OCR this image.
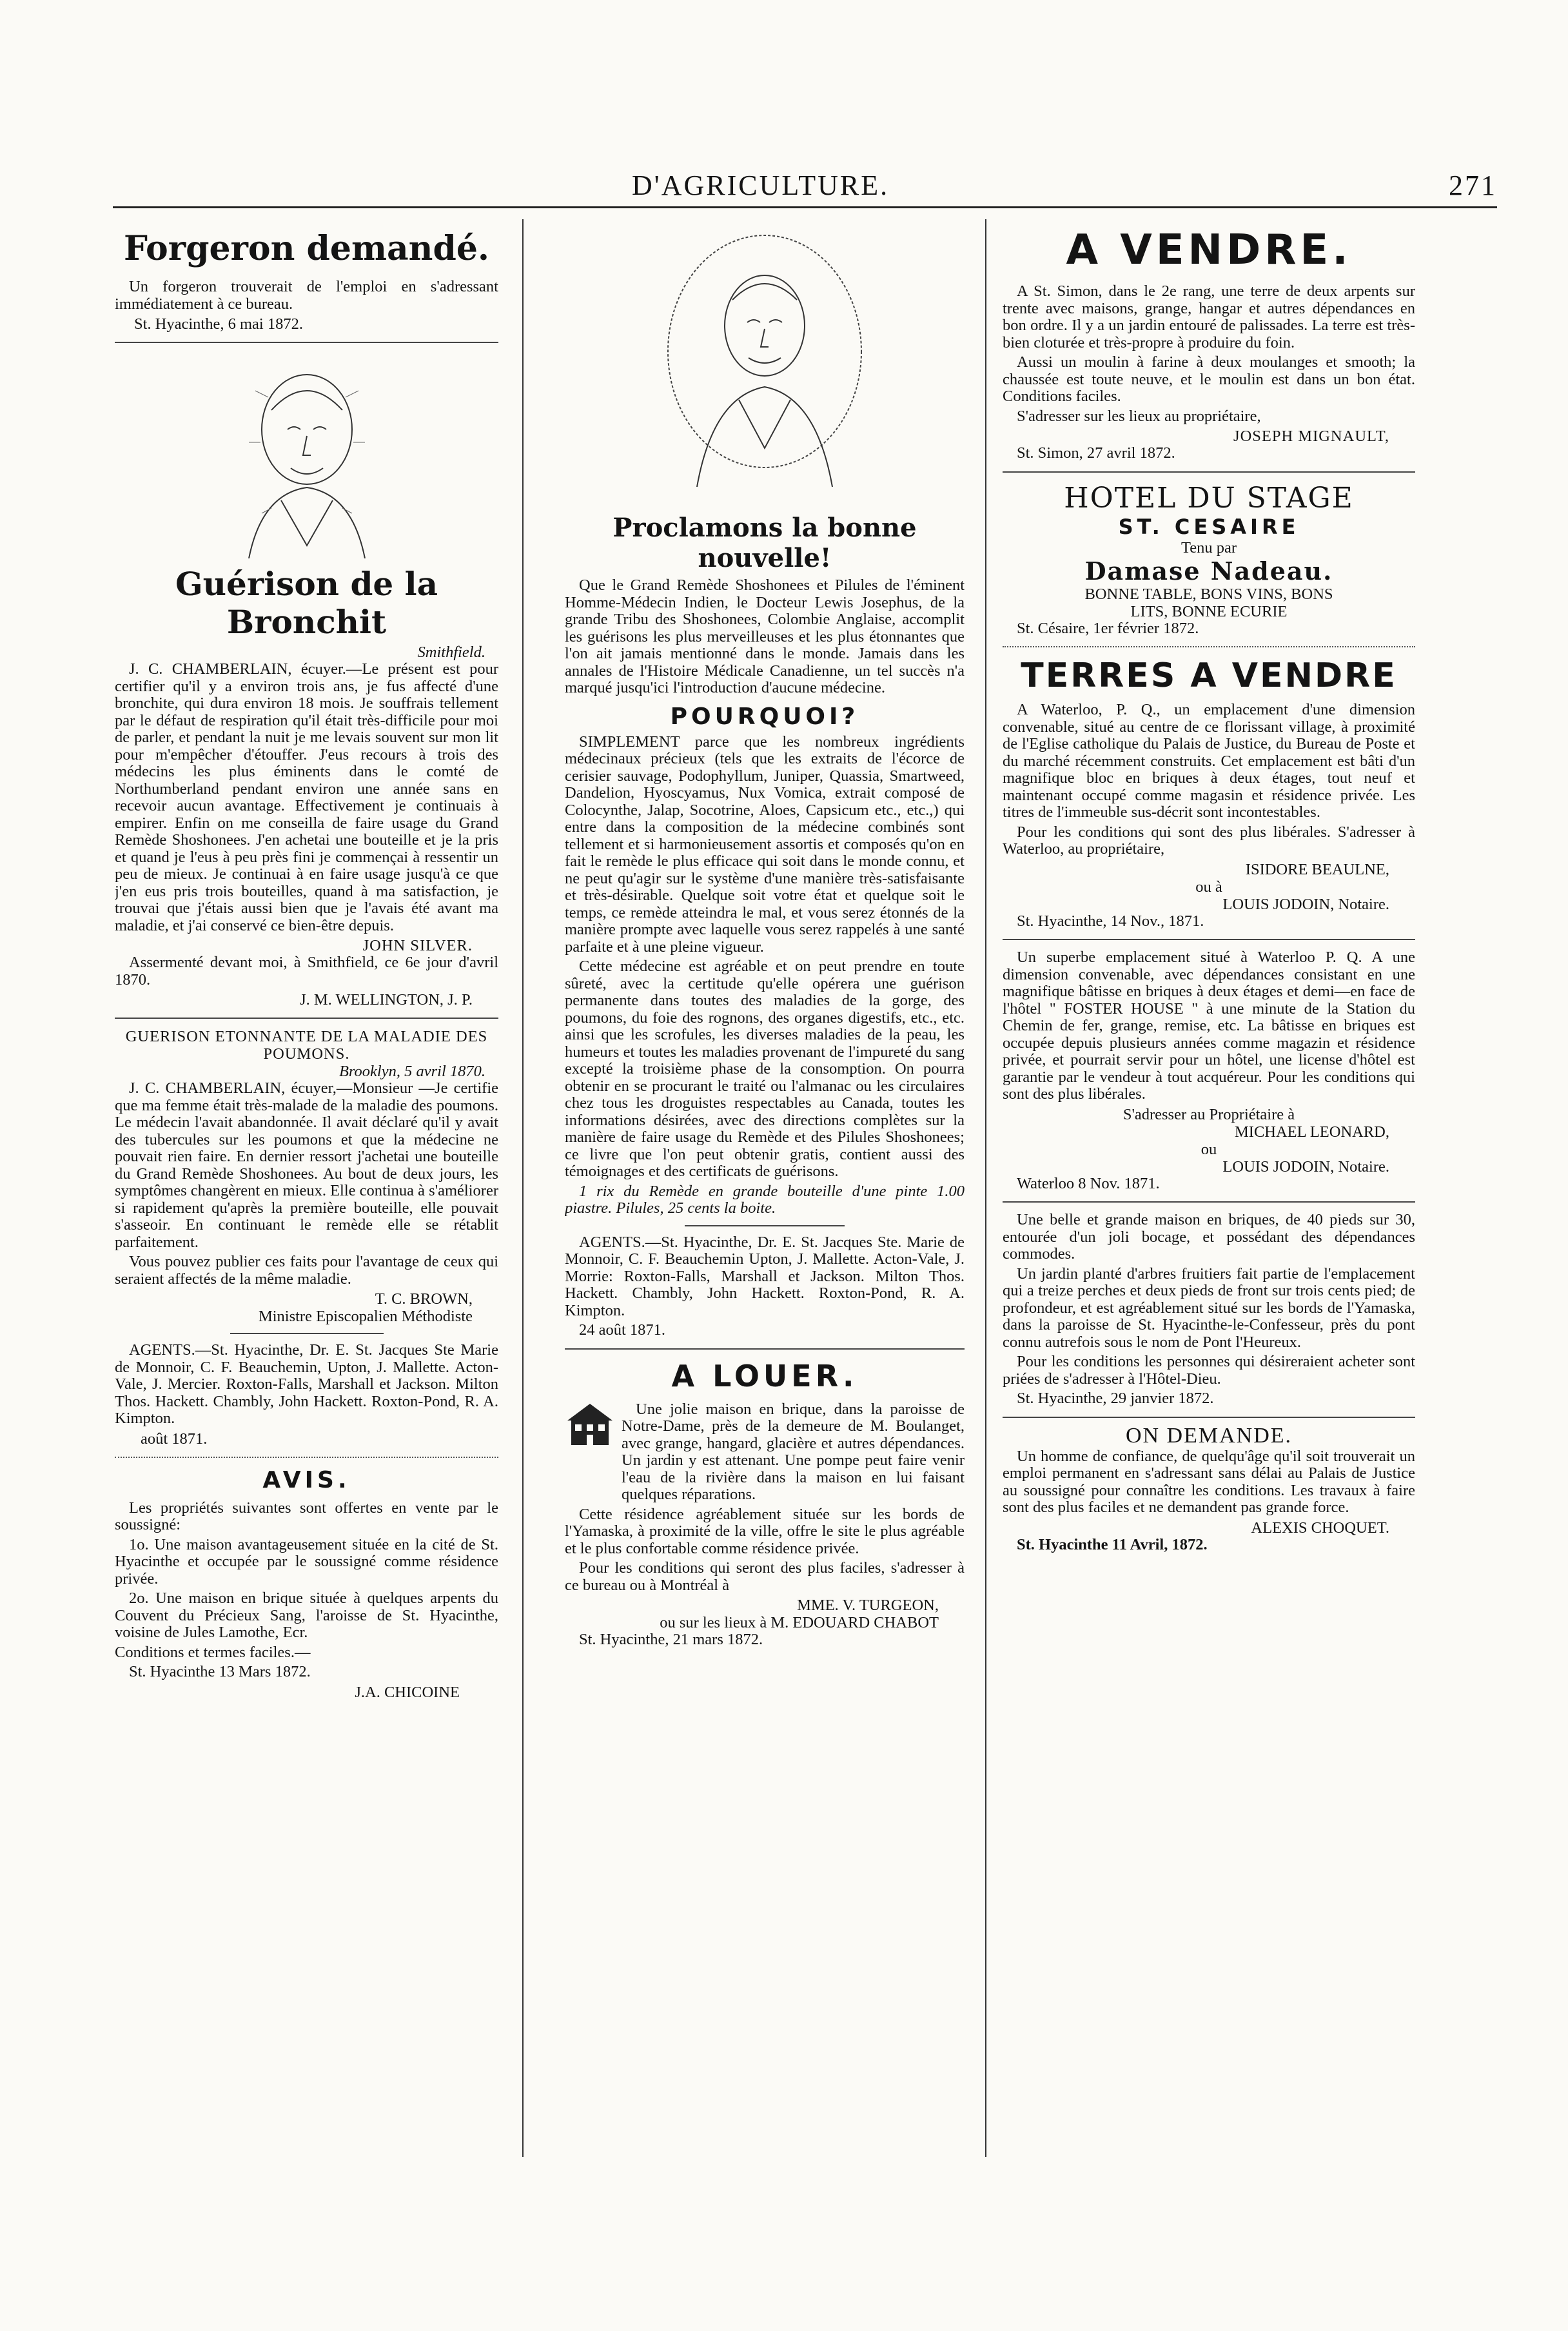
D'AGRICULTURE.	271
Forgeron demandé.

Un forgeron trouverait de l'emploi en s'adressant immédiatement à ce bureau.

St. Hyacinthe, 6 mai 1872.
Guérison de la Bronchit
Smithfield.

J. C. CHAMBERLAIN, écuyer.—Le présent est pour certifier qu'il y a environ trois ans, je fus affecté d'une bronchite, qui dura environ 18 mois. Je souffrais tellement par le défaut de respiration qu'il était très-difficile pour moi de parler, et pendant la nuit je me levais souvent sur mon lit pour m'empêcher d'étouffer. J'eus recours à trois des médecins les plus éminents dans le comté de Northumberland pendant environ une année sans en recevoir aucun avantage. Effectivement je continuais à empirer. Enfin on me conseilla de faire usage du Grand Remède Shoshonees. J'en achetai une bouteille et je la pris et quand je l'eus à peu près fini je commençai à ressentir un peu de mieux. Je continuai à en faire usage jusqu'à ce que j'en eus pris trois bouteilles, quand à ma satisfaction, je trouvai que j'étais aussi bien que je l'avais été avant ma maladie, et j'ai conservé ce bien-être depuis.

JOHN SILVER.

Assermenté devant moi, à Smithfield, ce 6e jour d'avril 1870.

J. M. WELLINGTON, J. P.
GUERISON ETONNANTE DE LA MALADIE DES POUMONS.
Brooklyn, 5 avril 1870.

J. C. CHAMBERLAIN, écuyer,—Monsieur —Je certifie que ma femme était très-malade de la maladie des poumons. Le médecin l'avait abandonnée. Il avait déclaré qu'il y avait des tubercules sur les poumons et que la médecine ne pouvait rien faire. En dernier ressort j'achetai une bouteille du Grand Remède Shoshonees. Au bout de deux jours, les symptômes changèrent en mieux. Elle continua à s'améliorer si rapidement qu'après la première bouteille, elle pouvait s'asseoir. En continuant le remède elle se rétablit parfaitement.

Vous pouvez publier ces faits pour l'avantage de ceux qui seraient affectés de la même maladie.

T. C. BROWN,
Ministre Episcopalien Méthodiste

AGENTS.—St. Hyacinthe, Dr. E. St. Jacques Ste Marie de Monnoir, C. F. Beauchemin, Upton, J. Mallette. Acton-Vale, J. Mercier. Roxton-Falls, Marshall et Jackson. Milton Thos. Hackett. Chambly, John Hackett. Roxton-Pond, R. A. Kimpton.

août 1871.
AVIS.

Les propriétés suivantes sont offertes en vente par le soussigné:

1o. Une maison avantageusement située en la cité de St. Hyacinthe et occupée par le soussigné comme résidence privée.

2o. Une maison en brique située à quelques arpents du Couvent du Précieux Sang, l'aroisse de St. Hyacinthe, voisine de Jules Lamothe, Ecr.

Conditions et termes faciles.—

St. Hyacinthe 13 Mars 1872.

J.A. CHICOINE
Proclamons la bonne nouvelle!

Que le Grand Remède Shoshonees et Pilules de l'éminent Homme-Médecin Indien, le Docteur Lewis Josephus, de la grande Tribu des Shoshonees, Colombie Anglaise, accomplit les guérisons les plus merveilleuses et les plus étonnantes que l'on ait jamais mentionné dans le monde. Jamais dans les annales de l'Histoire Médicale Canadienne, un tel succès n'a marqué jusqu'ici l'introduction d'aucune médecine.

POURQUOI?

SIMPLEMENT parce que les nombreux ingrédients médecinaux précieux (tels que les extraits de l'écorce de cerisier sauvage, Podophyllum, Juniper, Quassia, Smartweed, Dandelion, Hyoscyamus, Nux Vomica, extrait composé de Colocynthe, Jalap, Socotrine, Aloes, Capsicum etc., etc.,) qui entre dans la composition de la médecine combinés sont tellement et si harmonieusement assortis et composés qu'on en fait le remède le plus efficace qui soit dans le monde connu, et ne peut qu'agir sur le système d'une manière très-satisfaisante et très-désirable. Quelque soit votre état et quelque soit le temps, ce remède atteindra le mal, et vous serez étonnés de la manière prompte avec laquelle vous serez rappelés à une santé parfaite et à une pleine vigueur.

Cette médecine est agréable et on peut prendre en toute sûreté, avec la certitude qu'elle opérera une guérison permanente dans toutes des maladies de la gorge, des poumons, du foie des rognons, des organes digestifs, etc., etc. ainsi que les scrofules, les diverses maladies de la peau, les humeurs et toutes les maladies provenant de l'impureté du sang excepté la troisième phase de la consomption. On pourra obtenir en se procurant le traité ou l'almanac ou les circulaires chez tous les droguistes respectables au Canada, toutes les informations désirées, avec des directions complètes sur la manière de faire usage du Remède et des Pilules Shoshonees; ce livre que l'on peut obtenir gratis, contient aussi des témoignages et des certificats de guérisons.

1 rix du Remède en grande bouteille d'une pinte 1.00 piastre. Pilules, 25 cents la boite.

AGENTS.—St. Hyacinthe, Dr. E. St. Jacques Ste. Marie de Monnoir, C. F. Beauchemin Upton, J. Mallette. Acton-Vale, J. Morrie: Roxton-Falls, Marshall et Jackson. Milton Thos. Hackett. Chambly, John Hackett. Roxton-Pond, R. A. Kimpton.

24 août 1871.

A LOUER.

Une jolie maison en brique, dans la paroisse de Notre-Dame, près de la demeure de M. Boulanget, avec grange, hangard, glacière et autres dépendances. Un jardin y est attenant. Une pompe peut faire venir l'eau de la rivière dans la maison en lui faisant quelques réparations.

Cette résidence agréablement située sur les bords de l'Yamaska, à proximité de la ville, offre le site le plus agréable et le plus confortable comme résidence privée.

Pour les conditions qui seront des plus faciles, s'adresser à ce bureau ou à Montréal à

MME. V. TURGEON,
ou sur les lieux à M. EDOUARD CHABOT

St. Hyacinthe, 21 mars 1872.

A VENDRE.

A St. Simon, dans le 2e rang, une terre de deux arpents sur trente avec maisons, grange, hangar et autres dépendances en bon ordre. Il y a un jardin entouré de palissades. La terre est très-bien cloturée et très-propre à produire du foin.

Aussi un moulin à farine à deux moulanges et smooth; la chaussée est toute neuve, et le moulin est dans un bon état. Conditions faciles.

S'adresser sur les lieux au propriétaire,

JOSEPH MIGNAULT,

St. Simon, 27 avril 1872.

HOTEL DU STAGE
ST. CESAIRE
Tenu par
Damase Nadeau.
BONNE TABLE, BONS VINS, BONS
LITS, BONNE ECURIE

St. Césaire, 1er février 1872.

TERRES A VENDRE

A Waterloo, P. Q., un emplacement d'une dimension convenable, situé au centre de ce florissant village, à proximité de l'Eglise catholique du Palais de Justice, du Bureau de Poste et du marché récemment construits. Cet emplacement est bâti d'un magnifique bloc en briques à deux étages, tout neuf et maintenant occupé comme magasin et résidence privée. Les titres de l'immeuble sus-décrit sont incontestables.

Pour les conditions qui sont des plus libérales. S'adresser à Waterloo, au propriétaire,

ISIDORE BEAULNE,
ou à
LOUIS JODOIN, Notaire.

St. Hyacinthe, 14 Nov., 1871.

Un superbe emplacement situé à Waterloo P. Q. A une dimension convenable, avec dépendances consistant en une magnifique bâtisse en briques à deux étages et demi—en face de l'hôtel " FOSTER HOUSE " à une minute de la Station du Chemin de fer, grange, remise, etc. La bâtisse en briques est occupée depuis plusieurs années comme magazin et résidence privée, et pourrait servir pour un hôtel, une license d'hôtel est garantie par le vendeur à tout acquéreur. Pour les conditions qui sont des plus libérales.

S'adresser au Propriétaire à
MICHAEL LEONARD,
ou
LOUIS JODOIN, Notaire.

Waterloo 8 Nov. 1871.

Une belle et grande maison en briques, de 40 pieds sur 30, entourée d'un joli bocage, et possédant des dépendances commodes.

Un jardin planté d'arbres fruitiers fait partie de l'emplacement qui a treize perches et deux pieds de front sur trois cents pied; de profondeur, et est agréablement situé sur les bords de l'Yamaska, dans la paroisse de St. Hyacinthe-le-Confesseur, près du pont connu autrefois sous le nom de Pont l'Heureux.

Pour les conditions les personnes qui désireraient acheter sont priées de s'adresser à l'Hôtel-Dieu.

St. Hyacinthe, 29 janvier 1872.

ON DEMANDE.

Un homme de confiance, de quelqu'âge qu'il soit trouverait un emploi permanent en s'adressant sans délai au Palais de Justice au soussigné pour connaître les conditions. Les travaux à faire sont des plus faciles et ne demandent pas grande force.

ALEXIS CHOQUET.

St. Hyacinthe 11 Avril, 1872.
